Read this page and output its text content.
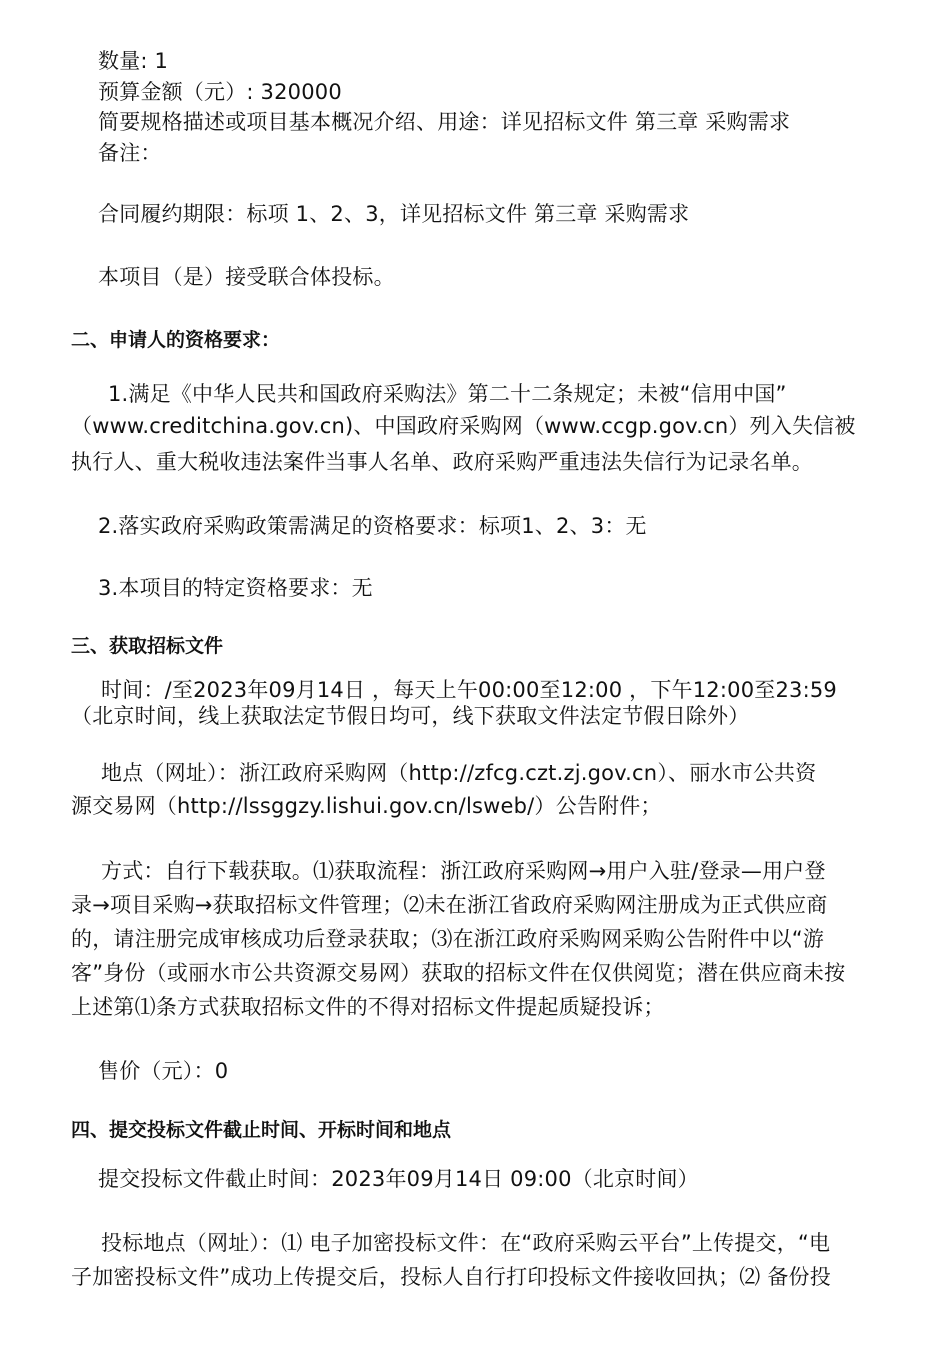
数量: 1
预算金额（元）: 320000
简要规格描述或项目基本概况介绍、用途：详见招标文件 第三章 采购需求
备注：
合同履约期限：标项 1、2、3，详见招标文件 第三章 采购需求
本项目（是）接受联合体投标。
二、申请人的资格要求：
1.满足《中华人民共和国政府采购法》第二十二条规定；未被“信用中国”
（www.creditchina.gov.cn)、中国政府采购网（www.ccgp.gov.cn）列入失信被
执行人、重大税收违法案件当事人名单、政府采购严重违法失信行为记录名单。
2.落实政府采购政策需满足的资格要求：标项1、2、3：无
3.本项目的特定资格要求：无
三、获取招标文件
时间：/至2023年09月14日 ，每天上午00:00至12:00 ，下午12:00至23:59
（北京时间，线上获取法定节假日均可，线下获取文件法定节假日除外）
地点（网址）：浙江政府采购网（http://zfcg.czt.zj.gov.cn）、丽水市公共资
源交易网（http://lssggzy.lishui.gov.cn/lsweb/）公告附件；
方式：自行下载获取。⑴获取流程：浙江政府采购网→用户入驻/登录—用户登
录→项目采购→获取招标文件管理；⑵未在浙江省政府采购网注册成为正式供应商
的，请注册完成审核成功后登录获取；⑶在浙江政府采购网采购公告附件中以“游
客”身份（或丽水市公共资源交易网）获取的招标文件在仅供阅览；潜在供应商未按
上述第⑴条方式获取招标文件的不得对招标文件提起质疑投诉；
售价（元）：0
四、提交投标文件截止时间、开标时间和地点
提交投标文件截止时间：2023年09月14日 09:00（北京时间）
投标地点（网址）：⑴ 电子加密投标文件：在“政府采购云平台”上传提交，“电
子加密投标文件”成功上传提交后，投标人自行打印投标文件接收回执；⑵ 备份投
